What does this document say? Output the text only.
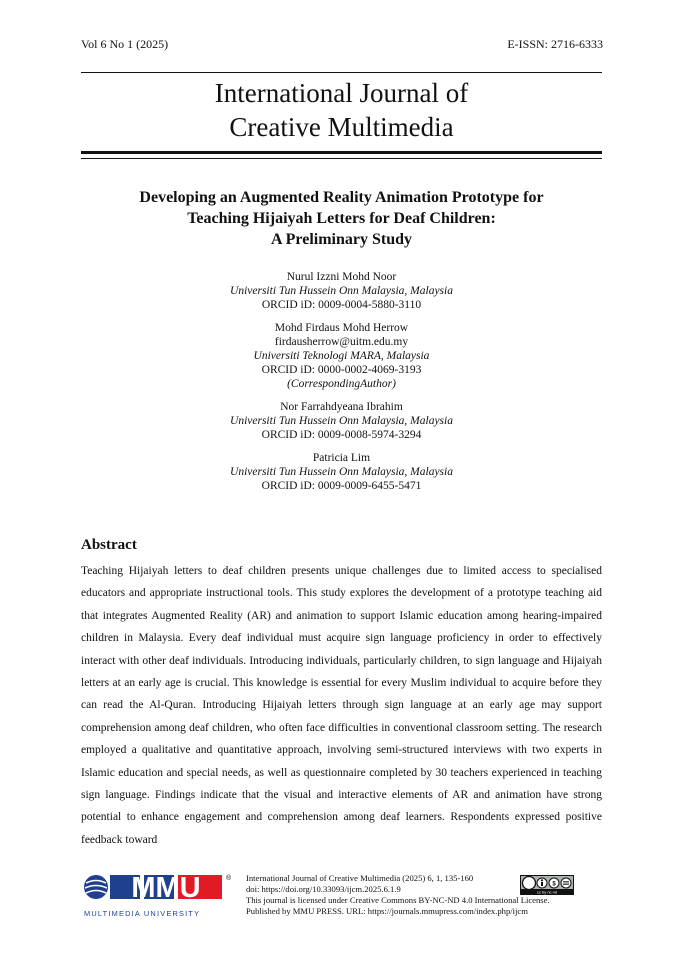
Vol 6 No 1 (2025)	E-ISSN: 2716-6333
International Journal of
Creative Multimedia
Developing an Augmented Reality Animation Prototype for
Teaching Hijaiyah Letters for Deaf Children:
A Preliminary Study
Nurul Izzni Mohd Noor
Universiti Tun Hussein Onn Malaysia, Malaysia
ORCID iD: 0009-0004-5880-3110
Mohd Firdaus Mohd Herrow
firdausherrow@uitm.edu.my
Universiti Teknologi MARA, Malaysia
ORCID iD: 0000-0002-4069-3193
(CorrespondingAuthor)
Nor Farrahdyeana Ibrahim
Universiti Tun Hussein Onn Malaysia, Malaysia
ORCID iD: 0009-0008-5974-3294
Patricia Lim
Universiti Tun Hussein Onn Malaysia, Malaysia
ORCID iD: 0009-0009-6455-5471
Abstract
Teaching Hijaiyah letters to deaf children presents unique challenges due to limited access to specialised educators and appropriate instructional tools. This study explores the development of a prototype teaching aid that integrates Augmented Reality (AR) and animation to support Islamic education among hearing-impaired children in Malaysia. Every deaf individual must acquire sign language proficiency in order to effectively interact with other deaf individuals. Introducing individuals, particularly children, to sign language and Hijaiyah letters at an early age is crucial. This knowledge is essential for every Muslim individual to acquire before they can read the Al-Quran. Introducing Hijaiyah letters through sign language at an early age may support comprehension among deaf children, who often face difficulties in conventional classroom setting. The research employed a qualitative and quantitative approach, involving semi-structured interviews with two experts in Islamic education and special needs, as well as questionnaire completed by 30 teachers experienced in teaching sign language. Findings indicate that the visual and interactive elements of AR and animation have strong potential to enhance engagement and comprehension among deaf learners. Respondents expressed positive feedback toward
MMU	®
MULTIMEDIA UNIVERSITY
International Journal of Creative Multimedia (2025) 6, 1, 135-160
doi: https://doi.org/10.33093/ijcm.2025.6.1.9
This journal is licensed under Creative Commons BY-NC-ND 4.0 International License.
Published by MMU PRESS. URL: https://journals.mmupress.com/index.php/ijcm
$
cc by nc nd
